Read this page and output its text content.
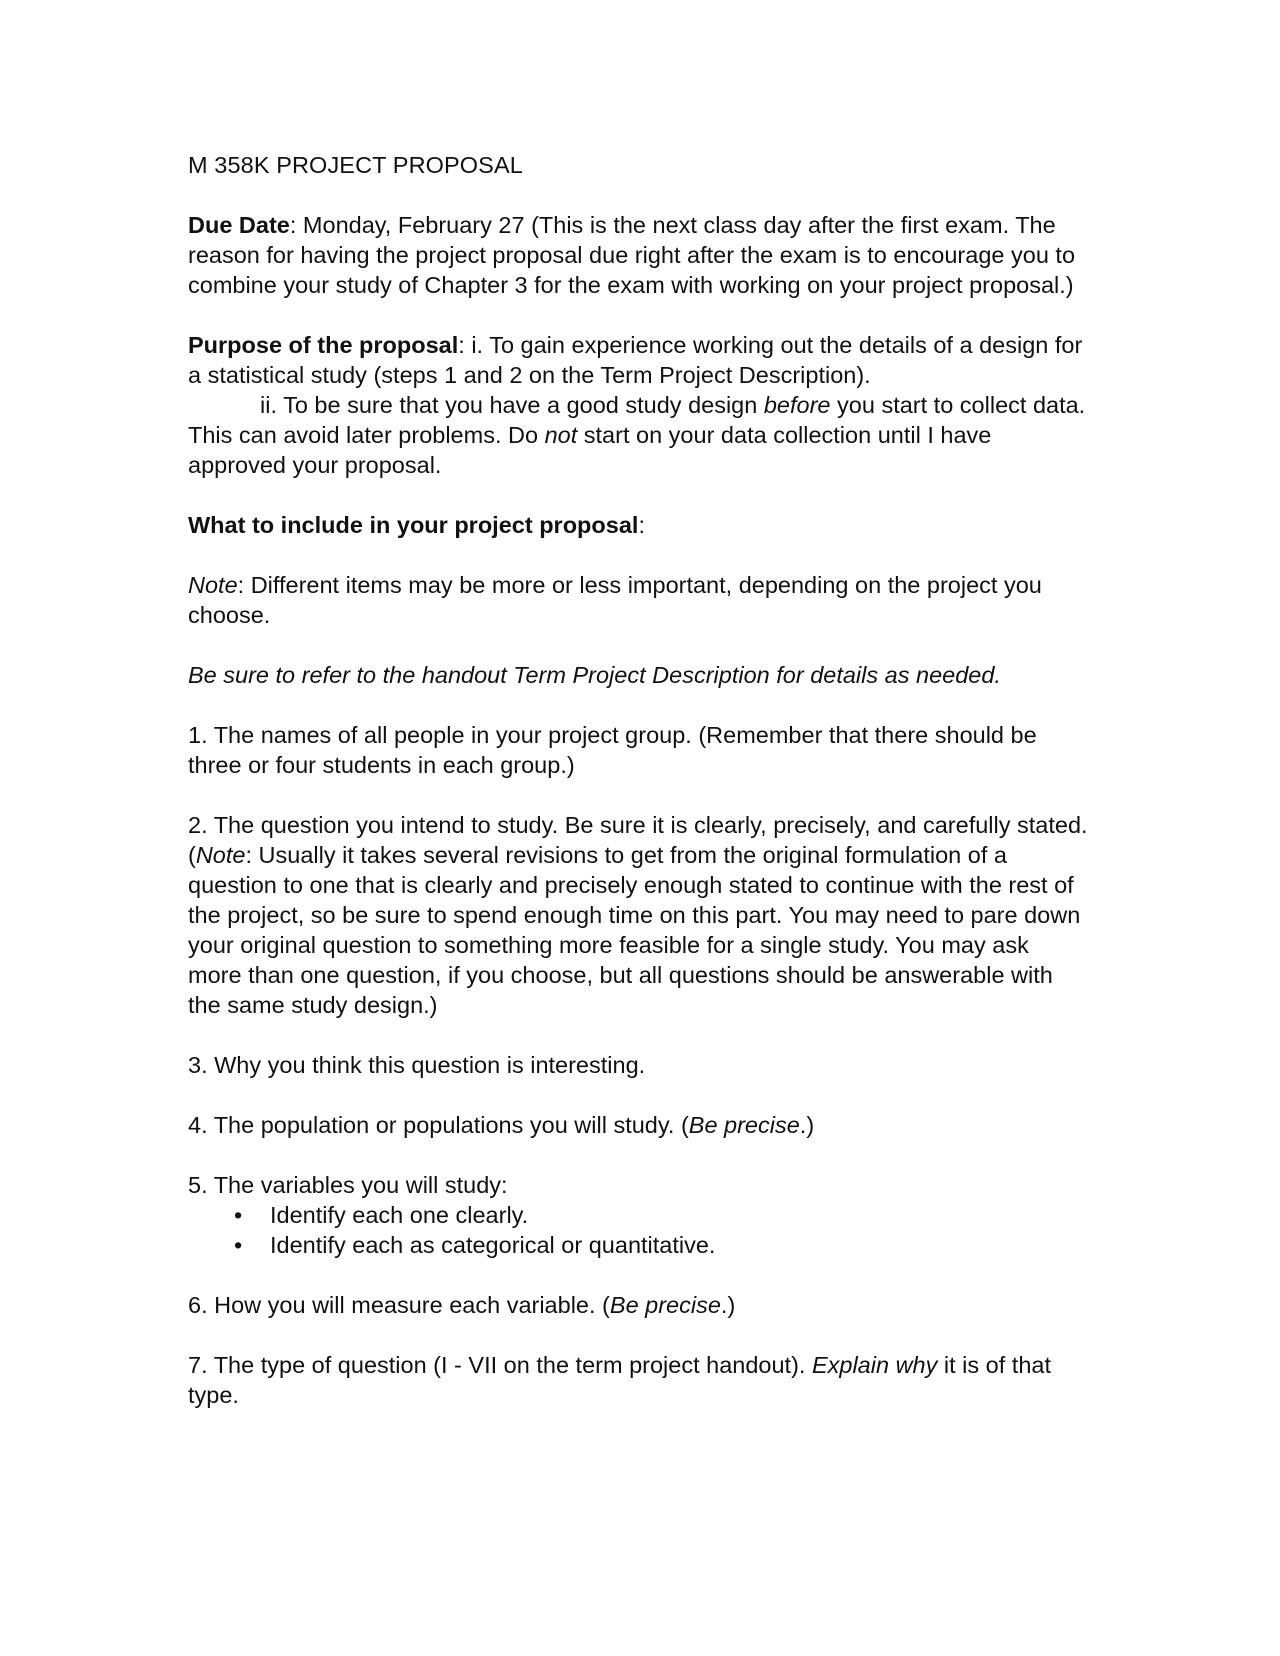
M 358K PROJECT PROPOSAL

Due Date: Monday, February 27 (This is the next class day after the first exam. The reason for having the project proposal due right after the exam is to encourage you to combine your study of Chapter 3 for the exam with working on your project proposal.)

Purpose of the proposal: i. To gain experience working out the details of a design for a statistical study (steps 1 and 2 on the Term Project Description).
ii. To be sure that you have a good study design before you start to collect data. This can avoid later problems. Do not start on your data collection until I have approved your proposal.

What to include in your project proposal:

Note: Different items may be more or less important, depending on the project you choose.

Be sure to refer to the handout Term Project Description for details as needed.

1. The names of all people in your project group. (Remember that there should be three or four students in each group.)

2. The question you intend to study. Be sure it is clearly, precisely, and carefully stated. (Note: Usually it takes several revisions to get from the original formulation of a question to one that is clearly and precisely enough stated to continue with the rest of the project, so be sure to spend enough time on this part. You may need to pare down your original question to something more feasible for a single study. You may ask more than one question, if you choose, but all questions should be answerable with the same study design.)

3. Why you think this question is interesting.

4. The population or populations you will study. (Be precise.)

5. The variables you will study:
• Identify each one clearly.
• Identify each as categorical or quantitative.

6. How you will measure each variable. (Be precise.)

7. The type of question (I - VII on the term project handout). Explain why it is of that type.
